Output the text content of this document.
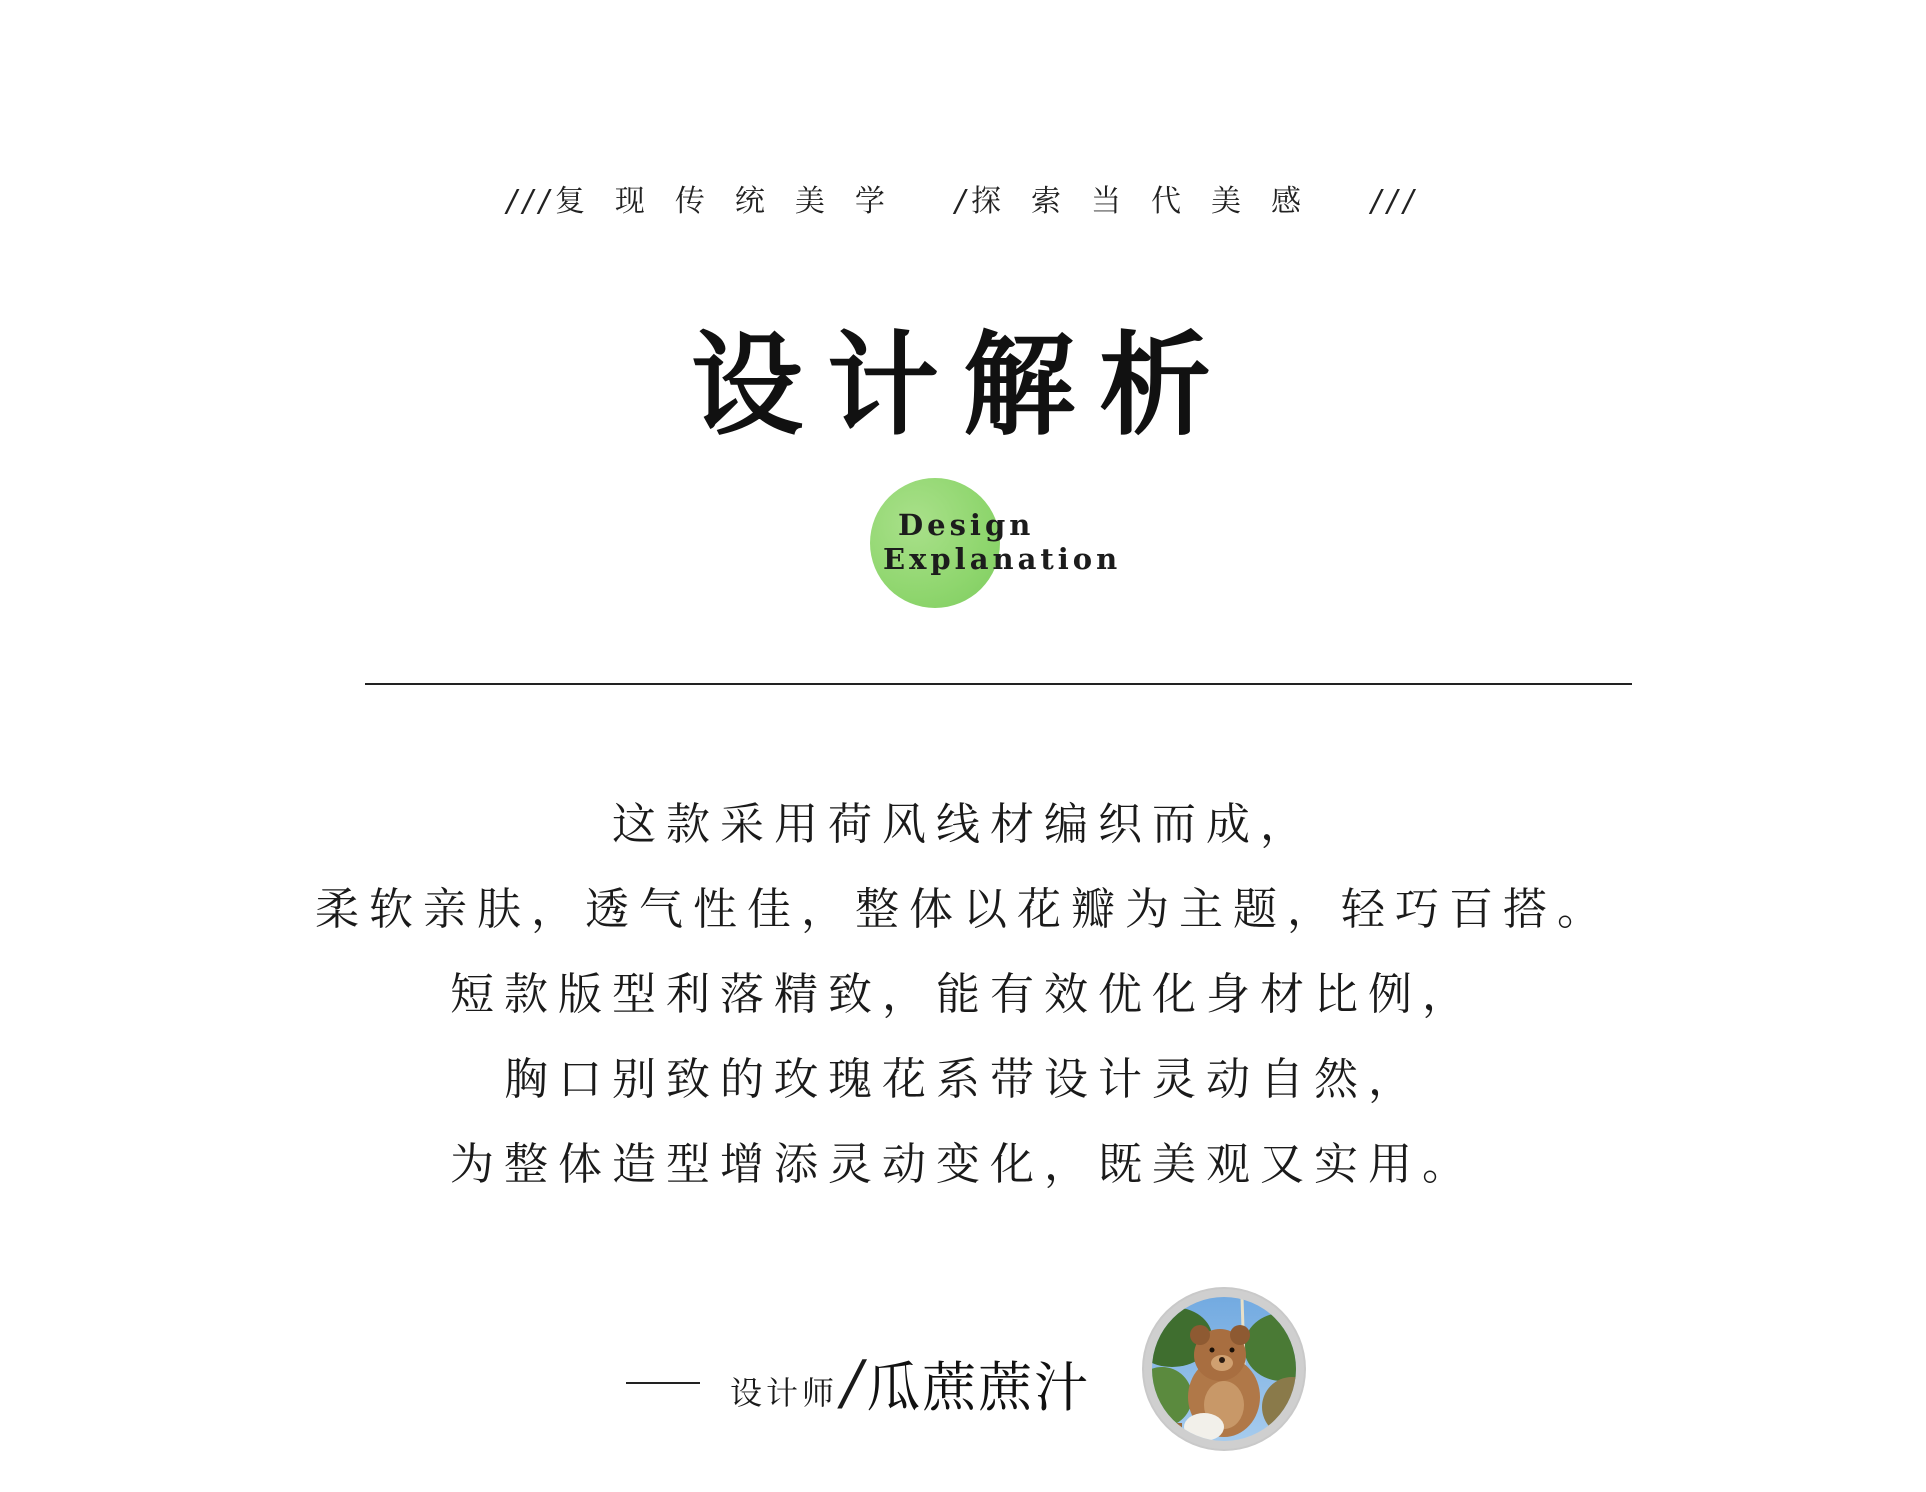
///复现传统美学 /探索当代美感 ///
设计解析
Design
Explanation
这款采用荷风线材编织而成，
柔软亲肤，透气性佳，整体以花瓣为主题，轻巧百搭。
短款版型利落精致，能有效优化身材比例，
胸口别致的玫瑰花系带设计灵动自然，
为整体造型增添灵动变化，既美观又实用。
设计师 / 瓜蔗蔗汁
